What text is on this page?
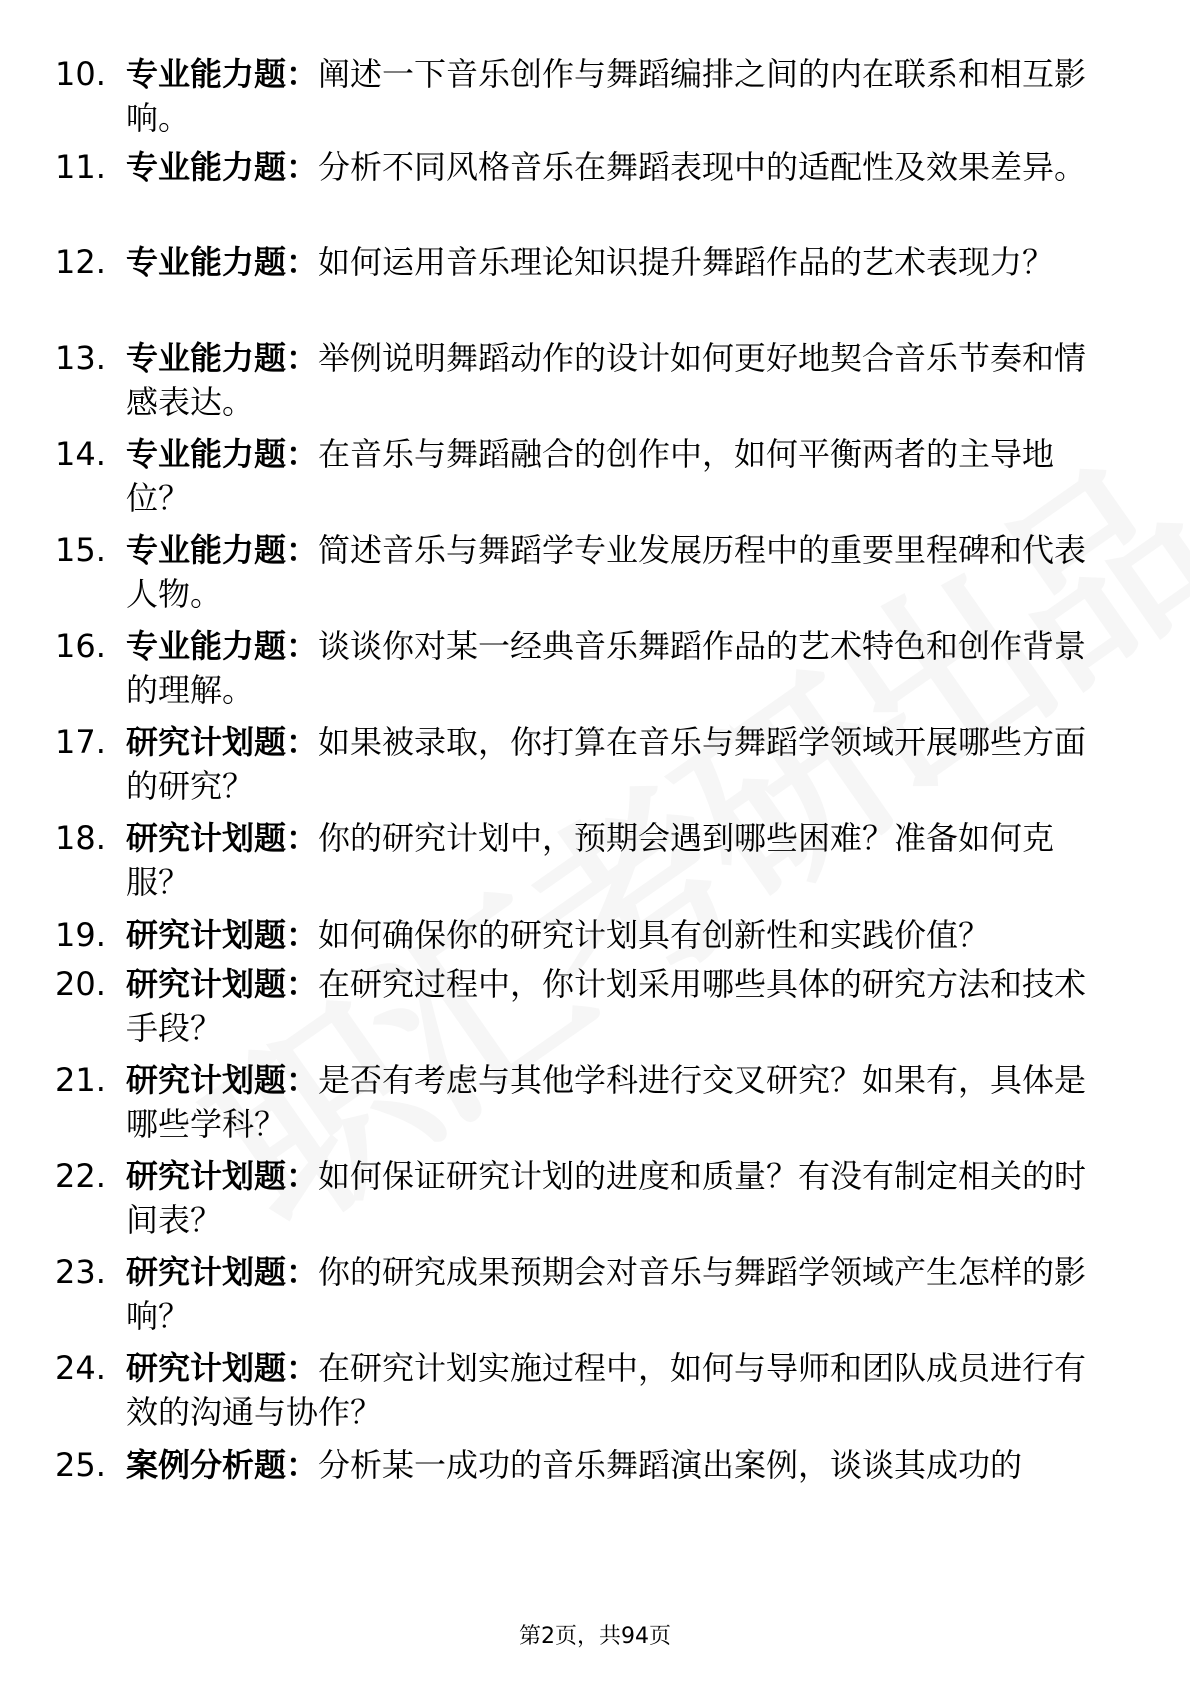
10. 专业能力题：阐述一下音乐创作与舞蹈编排之间的内在联系和相互影响。
11. 专业能力题：分析不同风格音乐在舞蹈表现中的适配性及效果差异。
12. 专业能力题：如何运用音乐理论知识提升舞蹈作品的艺术表现力？
13. 专业能力题：举例说明舞蹈动作的设计如何更好地契合音乐节奏和情感表达。
14. 专业能力题：在音乐与舞蹈融合的创作中，如何平衡两者的主导地位？
15. 专业能力题：简述音乐与舞蹈学专业发展历程中的重要里程碑和代表人物。
16. 专业能力题：谈谈你对某一经典音乐舞蹈作品的艺术特色和创作背景的理解。
17. 研究计划题：如果被录取，你打算在音乐与舞蹈学领域开展哪些方面的研究？
18. 研究计划题：你的研究计划中，预期会遇到哪些困难？准备如何克服？
19. 研究计划题：如何确保你的研究计划具有创新性和实践价值？
20. 研究计划题：在研究过程中，你计划采用哪些具体的研究方法和技术手段？
21. 研究计划题：是否有考虑与其他学科进行交叉研究？如果有，具体是哪些学科？
22. 研究计划题：如何保证研究计划的进度和质量？有没有制定相关的时间表？
23. 研究计划题：你的研究成果预期会对音乐与舞蹈学领域产生怎样的影响？
24. 研究计划题：在研究计划实施过程中，如何与导师和团队成员进行有效的沟通与协作？
25. 案例分析题：分析某一成功的音乐舞蹈演出案例，谈谈其成功的
第2页，共94页
